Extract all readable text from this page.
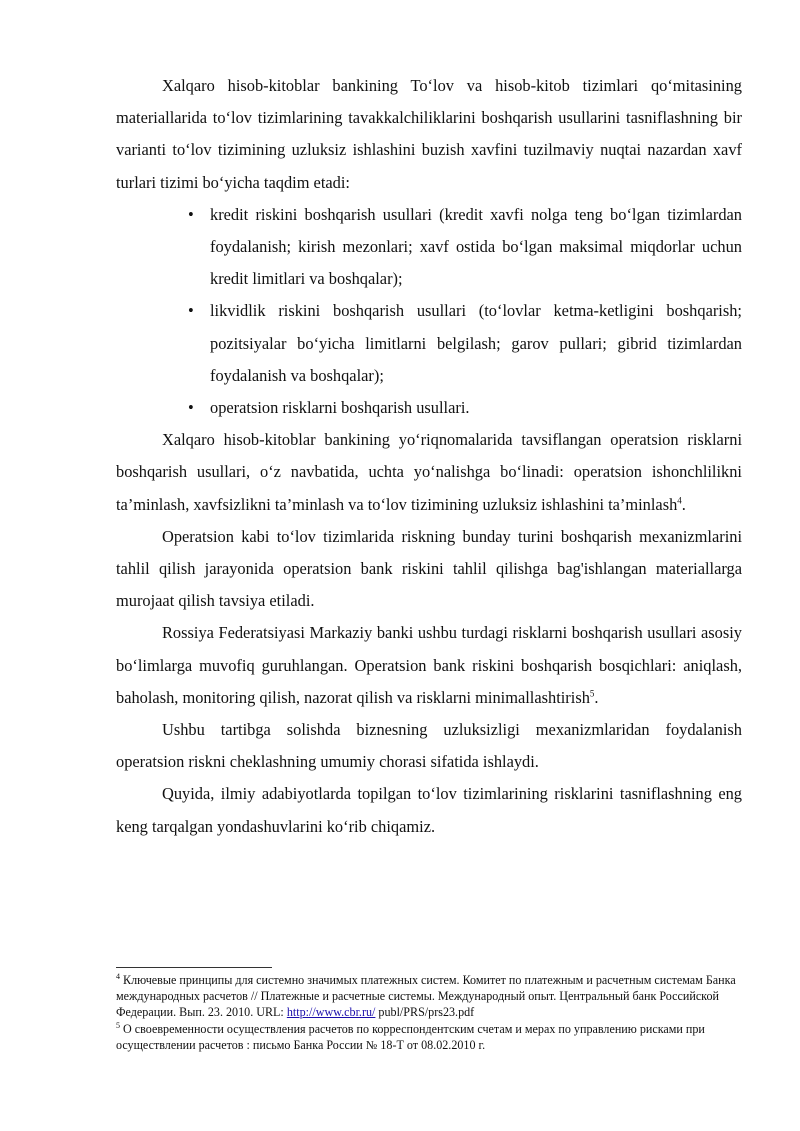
Xalqaro hisob-kitoblar bankining To‘lov va hisob-kitob tizimlari qo‘mitasining materiallarida to‘lov tizimlarining tavakkalchiliklarini boshqarish usullarini tasniflashning bir varianti to‘lov tizimining uzluksiz ishlashini buzish xavfini tuzilmaviy nuqtai nazardan xavf turlari tizimi bo‘yicha taqdim etadi:

• kredit riskini boshqarish usullari (kredit xavfi nolga teng bo‘lgan tizimlardan foydalanish; kirish mezonlari; xavf ostida bo‘lgan maksimal miqdorlar uchun kredit limitlari va boshqalar);
• likvidlik riskini boshqarish usullari (to‘lovlar ketma-ketligini boshqarish; pozitsiyalar bo‘yicha limitlarni belgilash; garov pullari; gibrid tizimlardan foydalanish va boshqalar);
• operatsion risklarni boshqarish usullari.

Xalqaro hisob-kitoblar bankining yo‘riqnomalarida tavsiflangan operatsion risklarni boshqarish usullari, o‘z navbatida, uchta yo‘nalishga bo‘linadi: operatsion ishonchlilikni ta’minlash, xavfsizlikni ta’minlash va to‘lov tizimining uzluksiz ishlashini ta’minlash$^4$.

Operatsion kabi to‘lov tizimlarida riskning bunday turini boshqarish mexanizmlarini tahlil qilish jarayonida operatsion bank riskini tahlil qilishga bag'ishlangan materiallarga murojaat qilish tavsiya etiladi.

Rossiya Federatsiyasi Markaziy banki ushbu turdagi risklarni boshqarish usullari asosiy bo‘limlarga muvofiq guruhlangan. Operatsion bank riskini boshqarish bosqichlari: aniqlash, baholash, monitoring qilish, nazorat qilish va risklarni minimallashtirish$^5$.

Ushbu tartibga solishda biznesning uzluksizligi mexanizmlaridan foydalanish operatsion riskni cheklashning umumiy chorasi sifatida ishlaydi.

Quyida, ilmiy adabiyotlarda topilgan to‘lov tizimlarining risklarini tasniflashning eng keng tarqalgan yondashuvlarini ko‘rib chiqamiz.

$^4$ Ключевые принципы для системно значимых платежных систем. Комитет по платежным и расчетным системам Банка международных расчетов // Платежные и расчетные системы. Международный опыт. Центральный банк Российской Федерации. Вып. 23. 2010. URL: http://www.cbr.ru/ publ/PRS/prs23.pdf

$^5$ О своевременности осуществления расчетов по корреспондентским счетам и мерах по управлению рисками при осуществлении расчетов : письмо Банка России № 18-Т от 08.02.2010 г.
